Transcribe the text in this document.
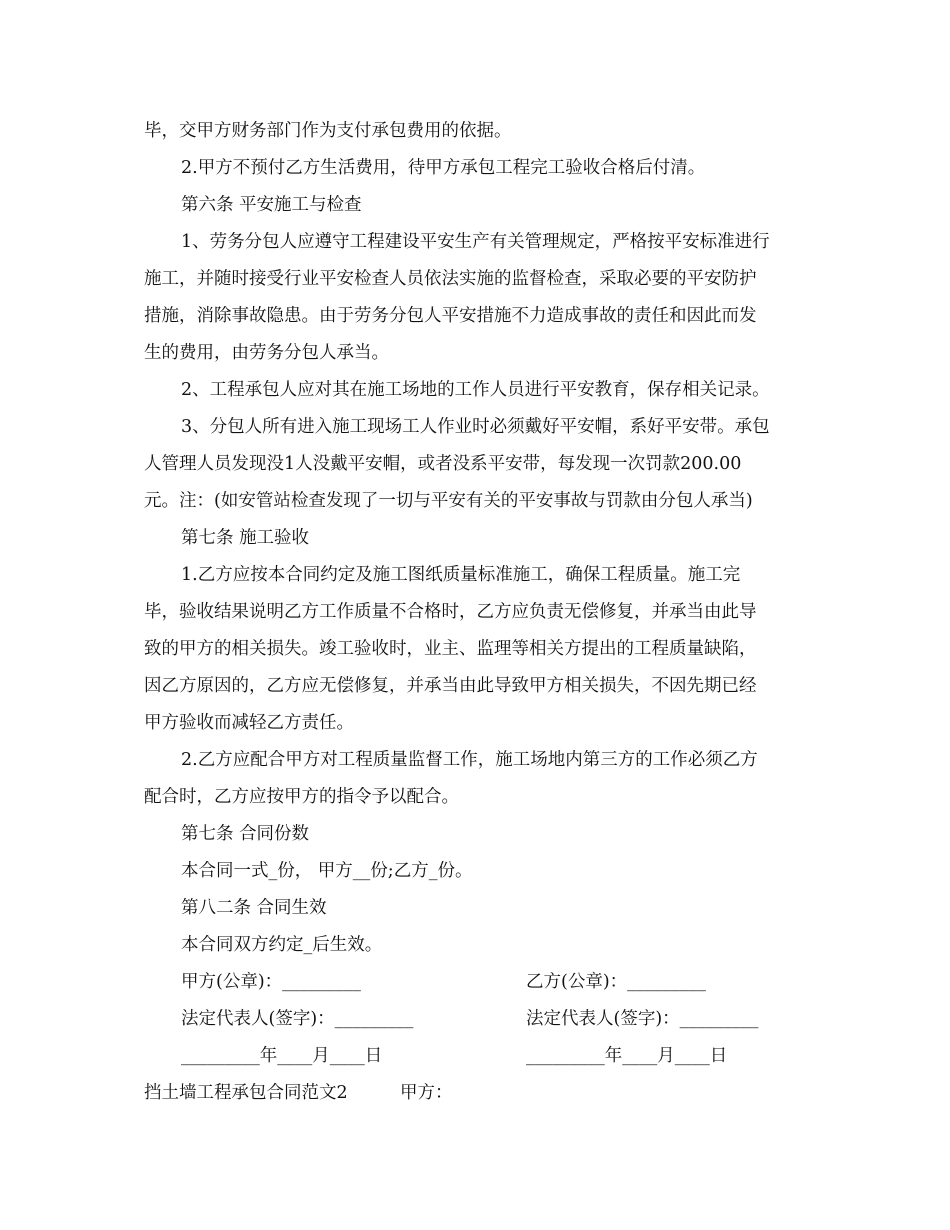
毕，交甲方财务部门作为支付承包费用的依据。
2.甲方不预付乙方生活费用，待甲方承包工程完工验收合格后付清。
第六条 平安施工与检查
1、劳务分包人应遵守工程建设平安生产有关管理规定，严格按平安标准进行
施工，并随时接受行业平安检查人员依法实施的监督检查，采取必要的平安防护
措施，消除事故隐患。由于劳务分包人平安措施不力造成事故的责任和因此而发
生的费用，由劳务分包人承当。
2、工程承包人应对其在施工场地的工作人员进行平安教育，保存相关记录。
3、分包人所有进入施工现场工人作业时必须戴好平安帽，系好平安带。承包
人管理人员发现没1人没戴平安帽，或者没系平安带，每发现一次罚款200.00
元。注：(如安管站检查发现了一切与平安有关的平安事故与罚款由分包人承当)
第七条 施工验收
1.乙方应按本合同约定及施工图纸质量标准施工，确保工程质量。施工完
毕，验收结果说明乙方工作质量不合格时，乙方应负责无偿修复，并承当由此导
致的甲方的相关损失。竣工验收时，业主、监理等相关方提出的工程质量缺陷，
因乙方原因的，乙方应无偿修复，并承当由此导致甲方相关损失，不因先期已经
甲方验收而减轻乙方责任。
2.乙方应配合甲方对工程质量监督工作，施工场地内第三方的工作必须乙方
配合时，乙方应按甲方的指令予以配合。
第七条 合同份数
本合同一式_份， 甲方__份;乙方_份。
第八二条 合同生效
本合同双方约定_后生效。
甲方(公章)：_________	乙方(公章)：_________
法定代表人(签字)：_________	法定代表人(签字)：_________
_________年____月____日	_________年____月____日
挡土墙工程承包合同范文2	甲方：
